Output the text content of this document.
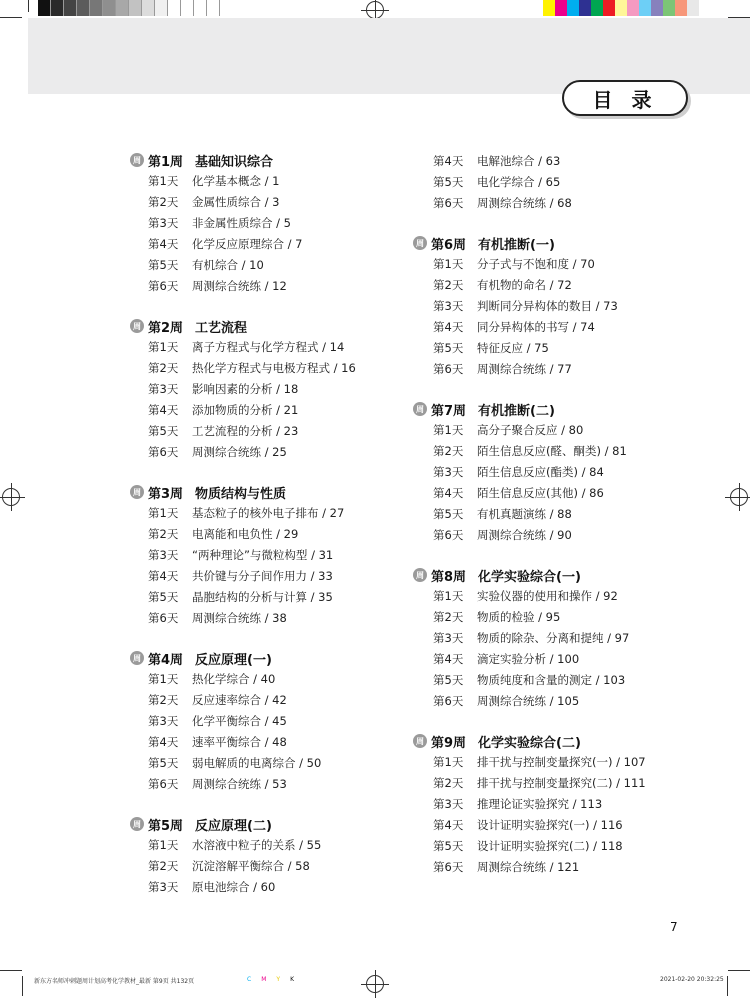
目 录
周 第1周 基础知识综合
第1天	化学基本概念 / 1
第2天	金属性质综合 / 3
第3天	非金属性质综合 / 5
第4天	化学反应原理综合 / 7
第5天	有机综合 / 10
第6天	周测综合统练 / 12
周 第2周 工艺流程
第1天	离子方程式与化学方程式 / 14
第2天	热化学方程式与电极方程式 / 16
第3天	影响因素的分析 / 18
第4天	添加物质的分析 / 21
第5天	工艺流程的分析 / 23
第6天	周测综合统练 / 25
周 第3周 物质结构与性质
第1天	基态粒子的核外电子排布 / 27
第2天	电离能和电负性 / 29
第3天	“两种理论”与微粒构型 / 31
第4天	共价键与分子间作用力 / 33
第5天	晶胞结构的分析与计算 / 35
第6天	周测综合统练 / 38
周 第4周 反应原理(一)
第1天	热化学综合 / 40
第2天	反应速率综合 / 42
第3天	化学平衡综合 / 45
第4天	速率平衡综合 / 48
第5天	弱电解质的电离综合 / 50
第6天	周测综合统练 / 53
周 第5周 反应原理(二)
第1天	水溶液中粒子的关系 / 55
第2天	沉淀溶解平衡综合 / 58
第3天	原电池综合 / 60
第4天	电解池综合 / 63
第5天	电化学综合 / 65
第6天	周测综合统练 / 68
周 第6周 有机推断(一)
第1天	分子式与不饱和度 / 70
第2天	有机物的命名 / 72
第3天	判断同分异构体的数目 / 73
第4天	同分异构体的书写 / 74
第5天	特征反应 / 75
第6天	周测综合统练 / 77
周 第7周 有机推断(二)
第1天	高分子聚合反应 / 80
第2天	陌生信息反应(醛、酮类) / 81
第3天	陌生信息反应(酯类) / 84
第4天	陌生信息反应(其他) / 86
第5天	有机真题演练 / 88
第6天	周测综合统练 / 90
周 第8周 化学实验综合(一)
第1天	实验仪器的使用和操作 / 92
第2天	物质的检验 / 95
第3天	物质的除杂、分离和提纯 / 97
第4天	滴定实验分析 / 100
第5天	物质纯度和含量的测定 / 103
第6天	周测综合统练 / 105
周 第9周 化学实验综合(二)
第1天	排干扰与控制变量探究(一) / 107
第2天	排干扰与控制变量探究(二) / 111
第3天	推理论证实验探究 / 113
第4天	设计证明实验探究(一) / 116
第5天	设计证明实验探究(二) / 118
第6天	周测综合统练 / 121
7
新东方名师冲刺题周计划高考化学教材_最新 第9页 共132页	C M Y K	2021-02-20 20:32:25
